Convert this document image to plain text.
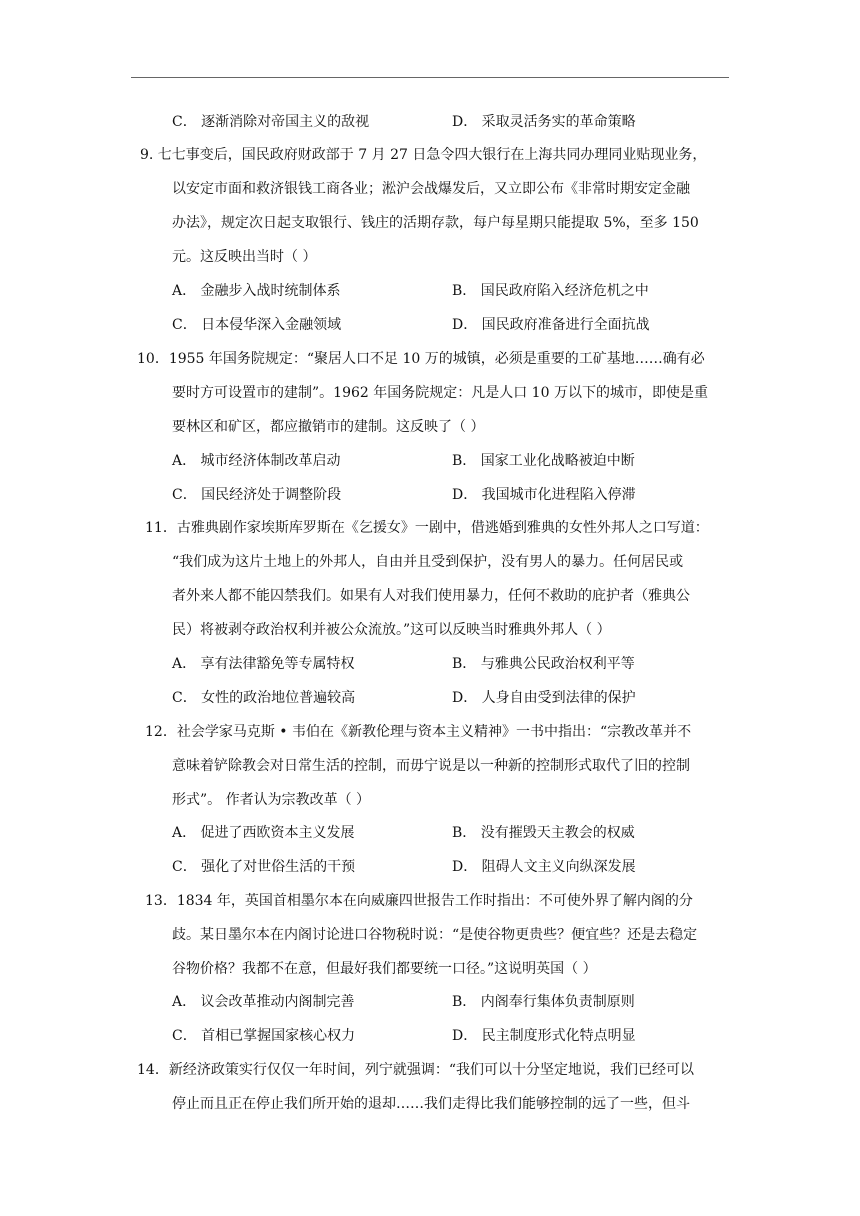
C． 逐渐消除对帝国主义的敌视	D． 采取灵活务实的革命策略
9. 七七事变后，国民政府财政部于 7 月 27 日急令四大银行在上海共同办理同业贴现业务，
以安定市面和救济银钱工商各业；淞沪会战爆发后，又立即公布《非常时期安定金融
办法》，规定次日起支取银行、钱庄的活期存款，每户每星期只能提取 5%，至多 150
元。这反映出当时（ ）
A． 金融步入战时统制体系	B． 国民政府陷入经济危机之中
C． 日本侵华深入金融领域	D． 国民政府准备进行全面抗战
10．1955 年国务院规定：“聚居人口不足 10 万的城镇，必须是重要的工矿基地……确有必
要时方可设置市的建制”。1962 年国务院规定：凡是人口 10 万以下的城市，即使是重
要林区和矿区，都应撤销市的建制。这反映了（ ）
A． 城市经济体制改革启动	B． 国家工业化战略被迫中断
C． 国民经济处于调整阶段	D． 我国城市化进程陷入停滞
11．古雅典剧作家埃斯库罗斯在《乞援女》一剧中，借逃婚到雅典的女性外邦人之口写道：
“我们成为这片土地上的外邦人，自由并且受到保护，没有男人的暴力。任何居民或
者外来人都不能囚禁我们。如果有人对我们使用暴力，任何不救助的庇护者（雅典公
民）将被剥夺政治权利并被公众流放。”这可以反映当时雅典外邦人（ ）
A． 享有法律豁免等专属特权	B． 与雅典公民政治权利平等
C． 女性的政治地位普遍较高	D． 人身自由受到法律的保护
12．社会学家马克斯 • 韦伯在《新教伦理与资本主义精神》一书中指出：“宗教改革并不
意味着铲除教会对日常生活的控制，而毋宁说是以一种新的控制形式取代了旧的控制
形式”。 作者认为宗教改革（ ）
A． 促进了西欧资本主义发展	B． 没有摧毁天主教会的权威
C． 强化了对世俗生活的干预	D． 阻碍人文主义向纵深发展
13．1834 年，英国首相墨尔本在向威廉四世报告工作时指出：不可使外界了解内阁的分
歧。某日墨尔本在内阁讨论进口谷物税时说：“是使谷物更贵些？便宜些？还是去稳定
谷物价格？我都不在意，但最好我们都要统一口径。”这说明英国（ ）
A． 议会改革推动内阁制完善	B． 内阁奉行集体负责制原则
C． 首相已掌握国家核心权力	D． 民主制度形式化特点明显
14．新经济政策实行仅仅一年时间，列宁就强调：“我们可以十分坚定地说，我们已经可以
停止而且正在停止我们所开始的退却……我们走得比我们能够控制的远了一些，但斗
